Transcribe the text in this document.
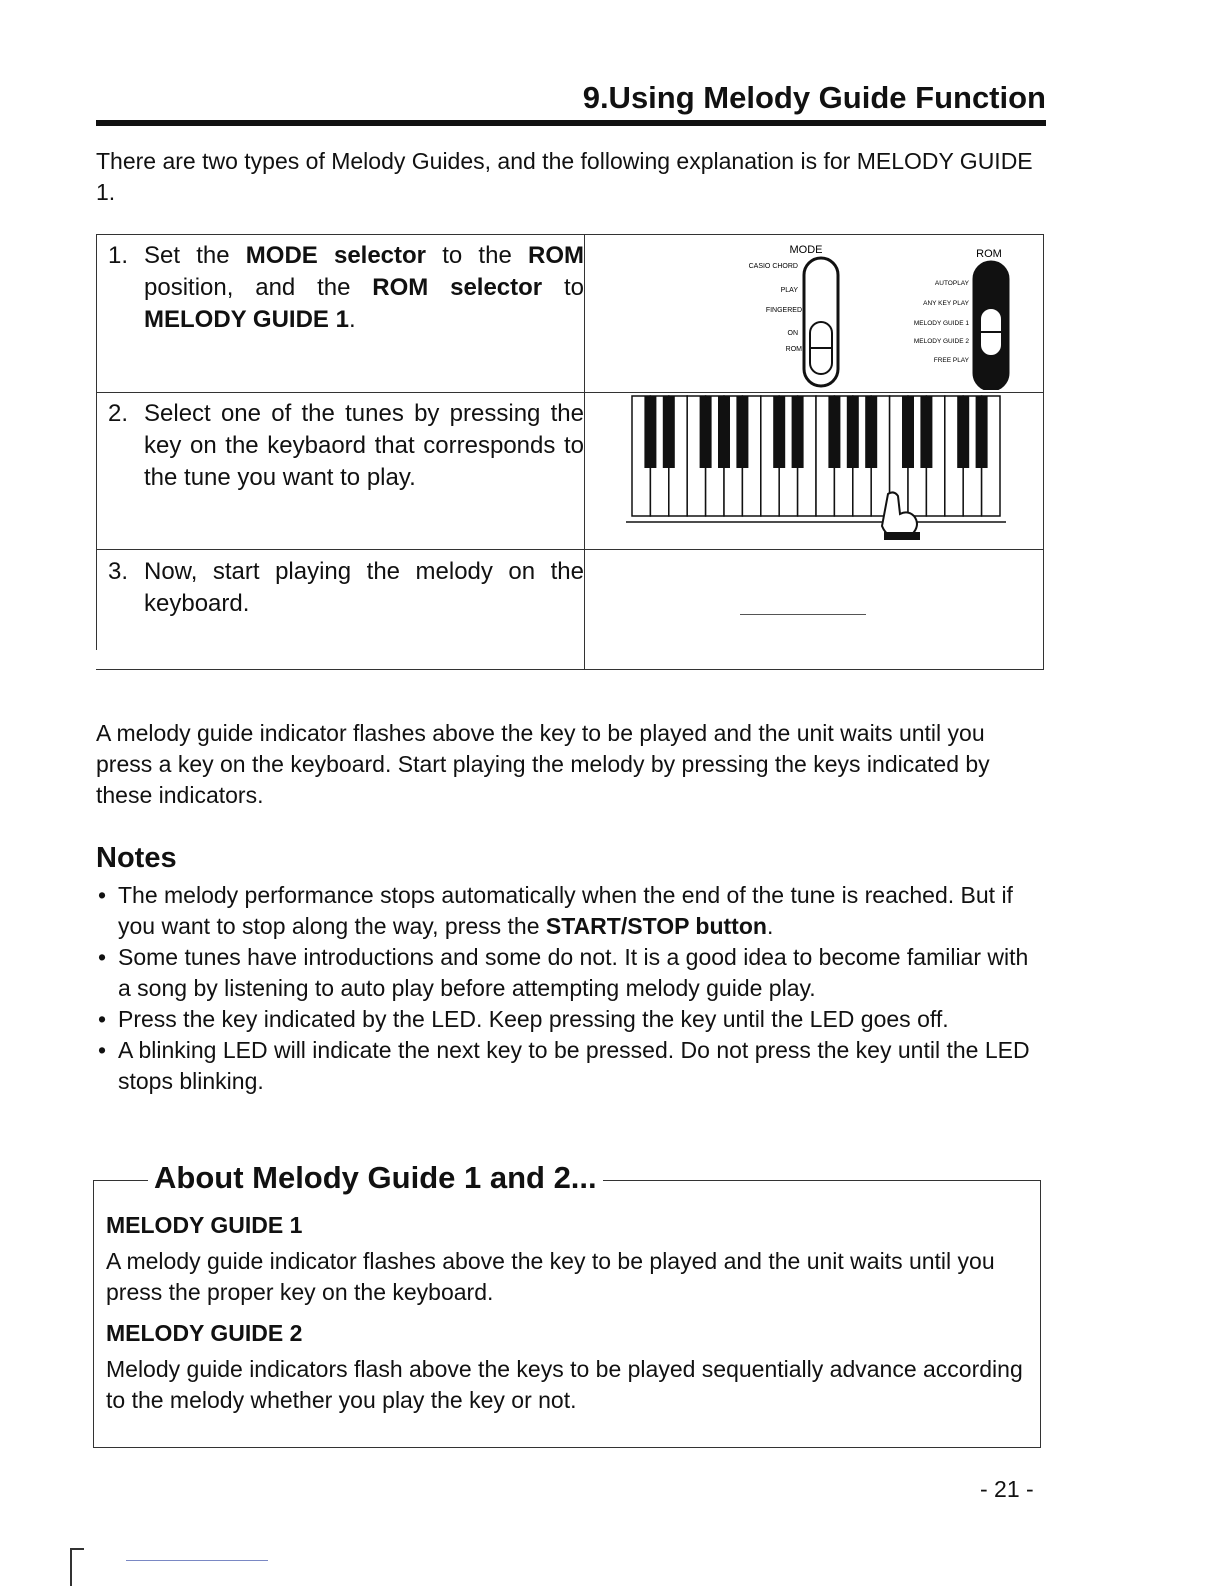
9.Using Melody Guide Function
There are two types of Melody Guides, and the following explanation is for MELODY GUIDE 1.
1. Set the MODE selector to the ROM position, and the ROM selector to MELODY GUIDE 1.
2. Select one of the tunes by pressing the key on the keybaord that corresponds to the tune you want to play.
3. Now, start playing the melody on the keyboard.
MODE	ROM
CASIO CHORD
PLAY
FINGERED
ON
ROM
AUTOPLAY
ANY KEY PLAY
MELODY GUIDE 1
MELODY GUIDE 2
FREE PLAY
A melody guide indicator flashes above the key to be played and the unit waits until you press a key on the keyboard. Start playing the melody by pressing the keys indicated by these indicators.
Notes
• The melody performance stops automatically when the end of the tune is reached. But if you want to stop along the way, press the START/STOP button.
• Some tunes have introductions and some do not. It is a good idea to become familiar with a song by listening to auto play before attempting melody guide play.
• Press the key indicated by the LED. Keep pressing the key until the LED goes off.
• A blinking LED will indicate the next key to be pressed. Do not press the key until the LED stops blinking.
About Melody Guide 1 and 2...
MELODY GUIDE 1
A melody guide indicator flashes above the key to be played and the unit waits until you press the proper key on the keyboard.
MELODY GUIDE 2
Melody guide indicators flash above the keys to be played sequentially advance according to the melody whether you play the key or not.
- 21 -
